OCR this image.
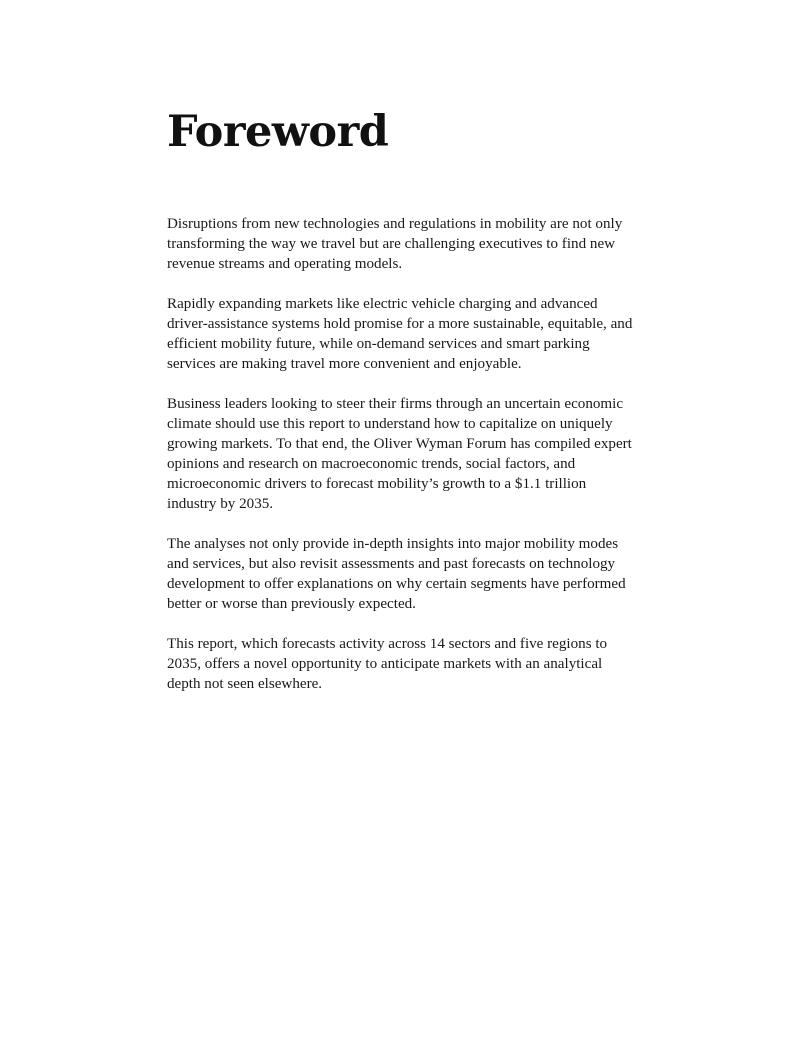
Foreword

Disruptions from new technologies and regulations in mobility are not only transforming the way we travel but are challenging executives to find new revenue streams and operating models.

Rapidly expanding markets like electric vehicle charging and advanced driver-assistance systems hold promise for a more sustainable, equitable, and efficient mobility future, while on-demand services and smart parking services are making travel more convenient and enjoyable.

Business leaders looking to steer their firms through an uncertain economic climate should use this report to understand how to capitalize on uniquely growing markets. To that end, the Oliver Wyman Forum has compiled expert opinions and research on macroeconomic trends, social factors, and microeconomic drivers to forecast mobility’s growth to a $1.1 trillion industry by 2035.

The analyses not only provide in-depth insights into major mobility modes and services, but also revisit assessments and past forecasts on technology development to offer explanations on why certain segments have performed better or worse than previously expected.

This report, which forecasts activity across 14 sectors and five regions to 2035, offers a novel opportunity to anticipate markets with an analytical depth not seen elsewhere.
